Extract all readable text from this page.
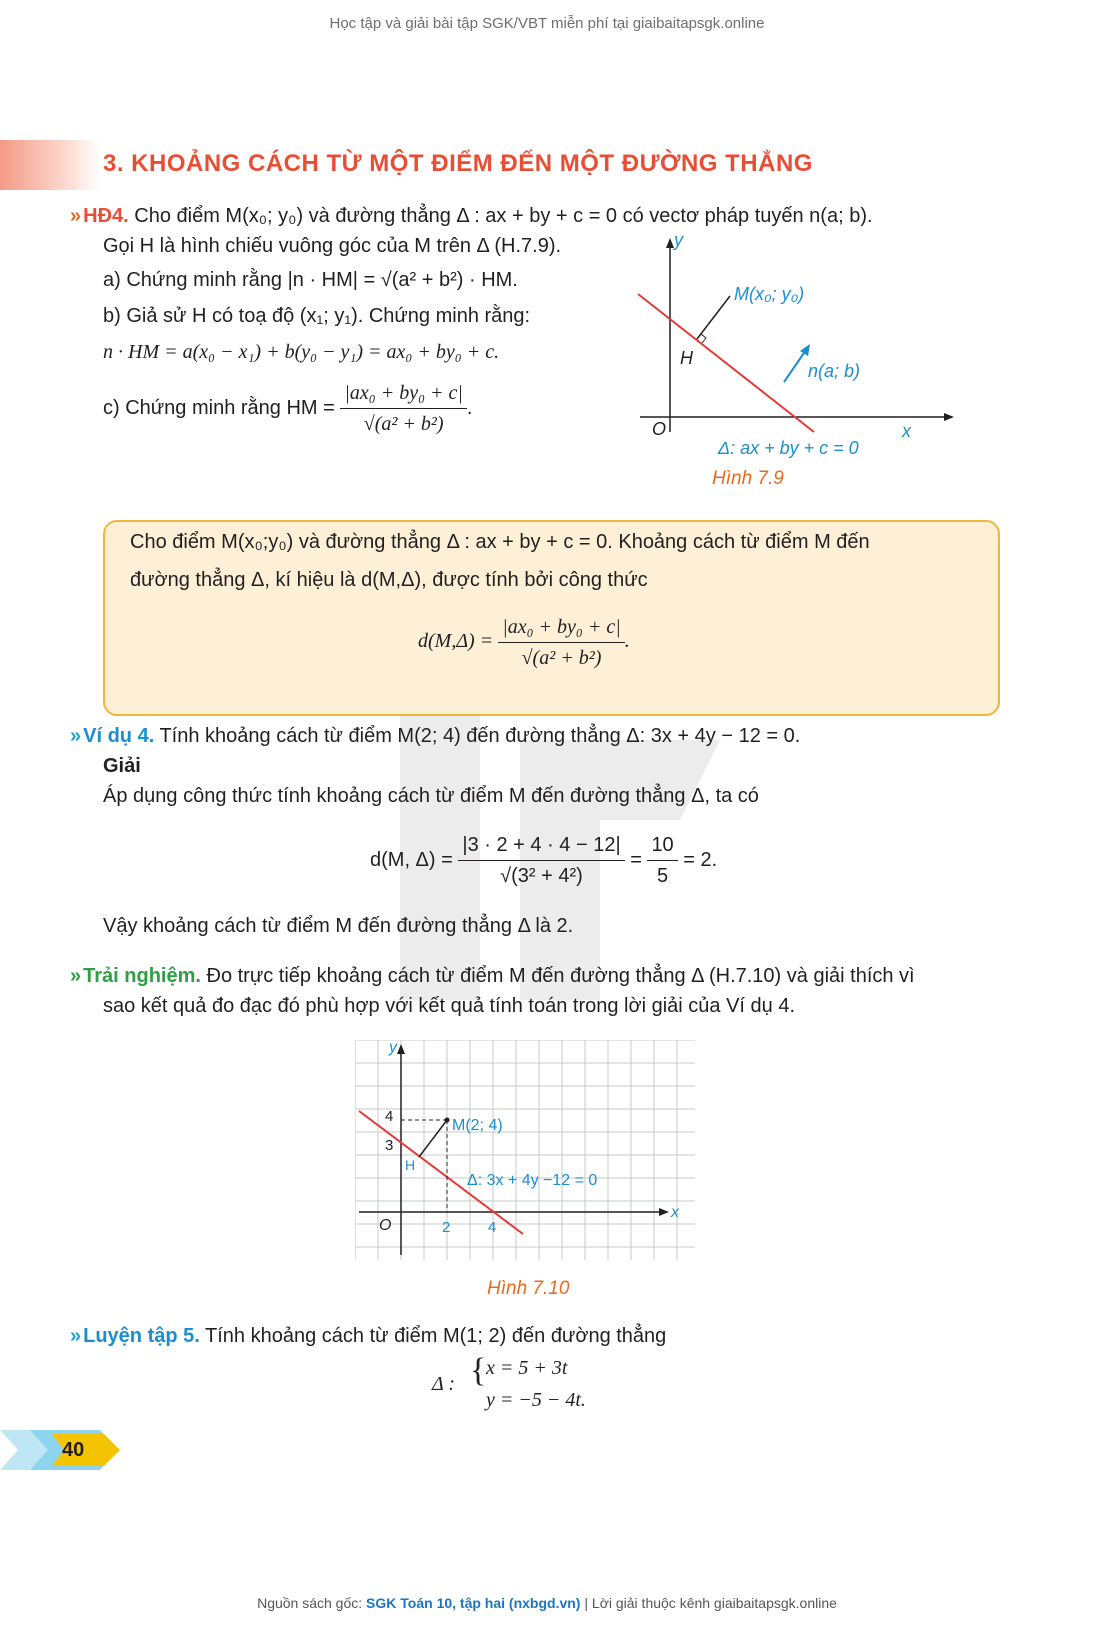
Học tập và giải bài tập SGK/VBT miễn phí tại giaibaitapsgk.online
3. KHOẢNG CÁCH TỪ MỘT ĐIỂM ĐẾN MỘT ĐƯỜNG THẲNG
» HĐ4. Cho điểm M(x₀; y₀) và đường thẳng Δ : ax + by + c = 0 có vectơ pháp tuyến n(a; b).
Gọi H là hình chiếu vuông góc của M trên Δ (H.7.9).
a) Chứng minh rằng |n · HM| = √(a² + b²) · HM.
b) Giả sử H có toạ độ (x₁; y₁). Chứng minh rằng:
n · HM = a(x₀ − x₁) + b(y₀ − y₁) = ax₀ + by₀ + c.
c) Chứng minh rằng HM = $\frac{\text{|ax₀ + by₀ + c|}}{\text{√(a² + b²)}}$ .
y
x
O
H
M(x₀; y₀)
n(a; b)
Δ: ax + by + c = 0
Hình 7.9
Cho điểm M(x₀;y₀) và đường thẳng Δ : ax + by + c = 0. Khoảng cách từ điểm M đến
đường thẳng Δ, kí hiệu là d(M,Δ), được tính bởi công thức
$d(M,\Delta) = \frac{\text{|ax₀ + by₀ + c|}}{\text{√(a² + b²)}}$ .
» Ví dụ 4. Tính khoảng cách từ điểm M(2; 4) đến đường thẳng Δ: 3x + 4y − 12 = 0.
Giải
Áp dụng công thức tính khoảng cách từ điểm M đến đường thẳng Δ, ta có
d(M, $\Delta) = \frac{|3 \cdot 2 + 4 \cdot 4 - 12|}{\text{√(3² + 4²)}} = \frac{10}{5} = 2$.
Vậy khoảng cách từ điểm M đến đường thẳng Δ là 2.
» Trải nghiệm. Đo trực tiếp khoảng cách từ điểm M đến đường thẳng Δ (H.7.10) và giải thích vì
sao kết quả đo đạc đó phù hợp với kết quả tính toán trong lời giải của Ví dụ 4.
y
x
O
H
M(2; 4)
Δ: 3x + 4y −12 = 0
2	4
3
4
Hình 7.10
» Luyện tập 5. Tính khoảng cách từ điểm M(1; 2) đến đường thẳng
Δ : { x = 5 + 3t
y = −5 − 4t.
40
Nguồn sách gốc: SGK Toán 10, tập hai (nxbgd.vn) | Lời giải thuộc kênh giaibaitapsgk.online
